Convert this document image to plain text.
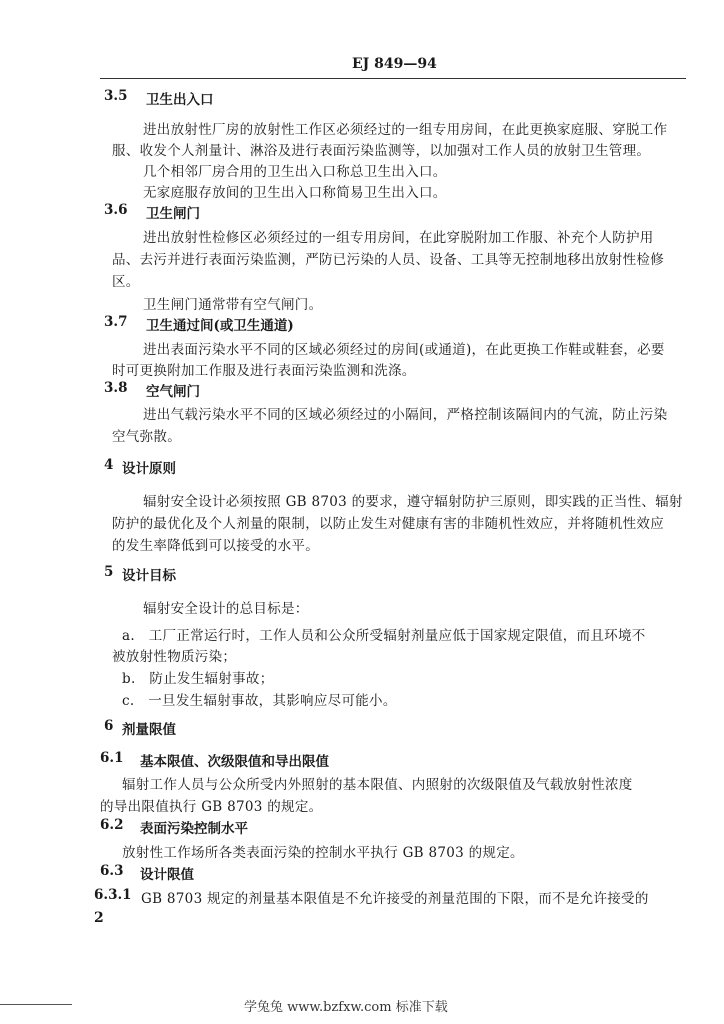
EJ 849—94
3.5 卫生出入口
进出放射性厂房的放射性工作区必须经过的一组专用房间，在此更换家庭服、穿脱工作
服、收发个人剂量计、淋浴及进行表面污染监测等，以加强对工作人员的放射卫生管理。
几个相邻厂房合用的卫生出入口称总卫生出入口。
无家庭服存放间的卫生出入口称简易卫生出入口。
3.6 卫生闸门
进出放射性检修区必须经过的一组专用房间，在此穿脱附加工作服、补充个人防护用
品、去污并进行表面污染监测，严防已污染的人员、设备、工具等无控制地移出放射性检修
区。
卫生闸门通常带有空气闸门。
3.7 卫生通过间(或卫生通道)
进出表面污染水平不同的区域必须经过的房间(或通道)，在此更换工作鞋或鞋套，必要
时可更换附加工作服及进行表面污染监测和洗涤。
3.8 空气闸门
进出气载污染水平不同的区域必须经过的小隔间，严格控制该隔间内的气流，防止污染
空气弥散。
4 设计原则
辐射安全设计必须按照 GB 8703 的要求，遵守辐射防护三原则，即实践的正当性、辐射
防护的最优化及个人剂量的限制，以防止发生对健康有害的非随机性效应，并将随机性效应
的发生率降低到可以接受的水平。
5 设计目标
辐射安全设计的总目标是：
a.　工厂正常运行时，工作人员和公众所受辐射剂量应低于国家规定限值，而且环境不
被放射性物质污染；
b.　防止发生辐射事故；
c.　一旦发生辐射事故，其影响应尽可能小。
6 剂量限值
6.1 基本限值、次级限值和导出限值
辐射工作人员与公众所受内外照射的基本限值、内照射的次级限值及气载放射性浓度
的导出限值执行 GB 8703 的规定。
6.2 表面污染控制水平
放射性工作场所各类表面污染的控制水平执行 GB 8703 的规定。
6.3 设计限值
6.3.1 GB 8703 规定的剂量基本限值是不允许接受的剂量范围的下限，而不是允许接受的
2
学兔兔 www.bzfxw.com 标准下载
